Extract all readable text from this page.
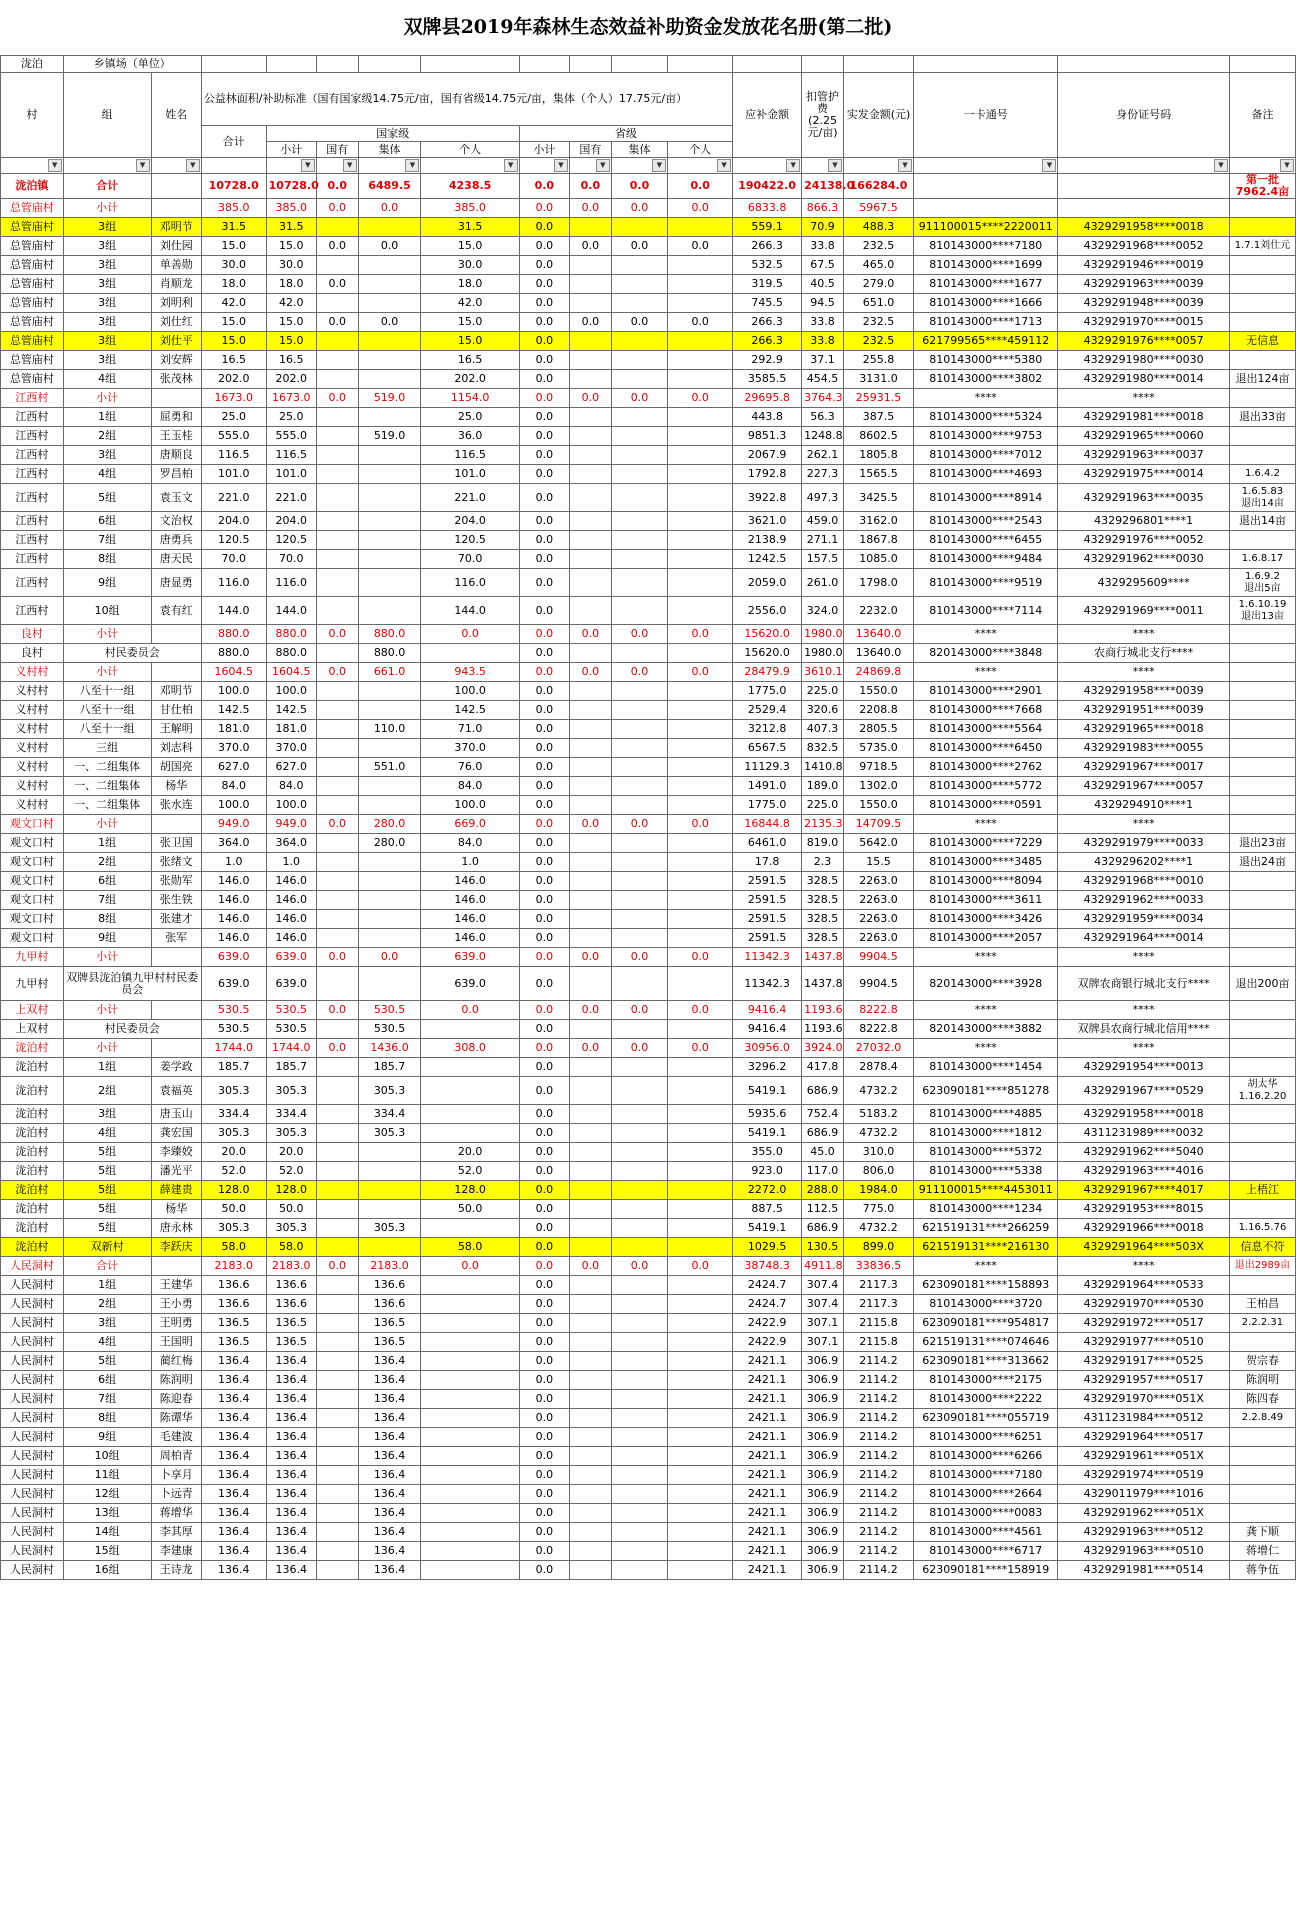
双牌县2019年森林生态效益补助资金发放花名册(第二批)
泷泊	乡镇场（单位）																
村	组	姓名	公益林面积/补助标准（国有国家级14.75元/亩，国有省级14.75元/亩，集体（个人）17.75元/亩）									应补金额	扣管护费(2.25元/亩)	实发金额(元)	一卡通号	身份证号码	备注
			合计	国家级				省级									
				小计	国有	集体	个人	小计	国有	集体	个人						

▼	▼	▼		▼	▼	▼	▼	▼	▼	▼	▼	▼	▼	▼	▼	▼	▼

泷泊镇	合计		10728.0	10728.0	0.0	6489.5	4238.5	0.0	0.0	0.0	0.0	190422.0	24138.0	166284.0			第一批7962.4亩
总管庙村	小计		385.0	385.0	0.0	0.0	385.0	0.0	0.0	0.0	0.0	6833.8	866.3	5967.5			
总管庙村	3组	邓明节	31.5	31.5			31.5	0.0				559.1	70.9	488.3	911100015****2220011	4329291958****0018	
总管庙村	3组	刘仕园	15.0	15.0	0.0	0.0	15.0	0.0	0.0	0.0	0.0	266.3	33.8	232.5	810143000****7180	4329291968****0052	1.7.1刘仕元
总管庙村	3组	单善勋	30.0	30.0			30.0	0.0				532.5	67.5	465.0	810143000****1699	4329291946****0019	
总管庙村	3组	肖顺龙	18.0	18.0	0.0		18.0	0.0				319.5	40.5	279.0	810143000****1677	4329291963****0039	
总管庙村	3组	刘明利	42.0	42.0			42.0	0.0				745.5	94.5	651.0	810143000****1666	4329291948****0039	
总管庙村	3组	刘仕红	15.0	15.0	0.0	0.0	15.0	0.0	0.0	0.0	0.0	266.3	33.8	232.5	810143000****1713	4329291970****0015	
总管庙村	3组	刘仕平	15.0	15.0			15.0	0.0				266.3	33.8	232.5	621799565****459112	4329291976****0057	无信息
总管庙村	3组	刘安辉	16.5	16.5			16.5	0.0				292.9	37.1	255.8	810143000****5380	4329291980****0030	
总管庙村	4组	张茂林	202.0	202.0			202.0	0.0				3585.5	454.5	3131.0	810143000****3802	4329291980****0014	退出124亩
江西村	小计		1673.0	1673.0	0.0	519.0	1154.0	0.0	0.0	0.0	0.0	29695.8	3764.3	25931.5	****	****	
江西村	1组	屈勇和	25.0	25.0			25.0	0.0				443.8	56.3	387.5	810143000****5324	4329291981****0018	退出33亩
江西村	2组	王玉桂	555.0	555.0		519.0	36.0	0.0				9851.3	1248.8	8602.5	810143000****9753	4329291965****0060	
江西村	3组	唐顺良	116.5	116.5			116.5	0.0				2067.9	262.1	1805.8	810143000****7012	4329291963****0037	
江西村	4组	罗昌柏	101.0	101.0			101.0	0.0				1792.8	227.3	1565.5	810143000****4693	4329291975****0014	1.6.4.2
江西村	5组	袁玉文	221.0	221.0			221.0	0.0				3922.8	497.3	3425.5	810143000****8914	4329291963****0035	1.6.5.83
退出14亩
江西村	6组	文治权	204.0	204.0			204.0	0.0				3621.0	459.0	3162.0	810143000****2543	4329296801****1	退出14亩
江西村	7组	唐勇兵	120.5	120.5			120.5	0.0				2138.9	271.1	1867.8	810143000****6455	4329291976****0052	
江西村	8组	唐天民	70.0	70.0			70.0	0.0				1242.5	157.5	1085.0	810143000****9484	4329291962****0030	1.6.8.17
江西村	9组	唐显勇	116.0	116.0			116.0	0.0				2059.0	261.0	1798.0	810143000****9519	4329295609****	1.6.9.2
退出5亩
江西村	10组	袁有红	144.0	144.0			144.0	0.0				2556.0	324.0	2232.0	810143000****7114	4329291969****0011	1.6.10.19
退出13亩
良村	小计		880.0	880.0	0.0	880.0	0.0	0.0	0.0	0.0	0.0	15620.0	1980.0	13640.0	****	****	
良村	村民委员会		880.0	880.0		880.0		0.0				15620.0	1980.0	13640.0	820143000****3848	农商行城北支行****	
义村村	小计		1604.5	1604.5	0.0	661.0	943.5	0.0	0.0	0.0	0.0	28479.9	3610.1	24869.8	****	****	
义村村	八至十一组	邓明节	100.0	100.0			100.0	0.0				1775.0	225.0	1550.0	810143000****2901	4329291958****0039	
义村村	八至十一组	甘仕柏	142.5	142.5			142.5	0.0				2529.4	320.6	2208.8	810143000****7668	4329291951****0039	
义村村	八至十一组	王解明	181.0	181.0		110.0	71.0	0.0				3212.8	407.3	2805.5	810143000****5564	4329291965****0018	
义村村	三组	刘志科	370.0	370.0			370.0	0.0				6567.5	832.5	5735.0	810143000****6450	4329291983****0055	
义村村	一、二组集体	胡国亮	627.0	627.0		551.0	76.0	0.0				11129.3	1410.8	9718.5	810143000****2762	4329291967****0017	
义村村	一、二组集体	杨华	84.0	84.0			84.0	0.0				1491.0	189.0	1302.0	810143000****5772	4329291967****0057	
义村村	一、二组集体	张水连	100.0	100.0			100.0	0.0				1775.0	225.0	1550.0	810143000****0591	4329294910****1	
观文口村	小计		949.0	949.0	0.0	280.0	669.0	0.0	0.0	0.0	0.0	16844.8	2135.3	14709.5	****	****	
观文口村	1组	张卫国	364.0	364.0		280.0	84.0	0.0				6461.0	819.0	5642.0	810143000****7229	4329291979****0033	退出23亩
观文口村	2组	张绪文	1.0	1.0			1.0	0.0				17.8	2.3	15.5	810143000****3485	4329296202****1	退出24亩
观文口村	6组	张勋军	146.0	146.0			146.0	0.0				2591.5	328.5	2263.0	810143000****8094	4329291968****0010	
观文口村	7组	张生铁	146.0	146.0			146.0	0.0				2591.5	328.5	2263.0	810143000****3611	4329291962****0033	
观文口村	8组	张建才	146.0	146.0			146.0	0.0				2591.5	328.5	2263.0	810143000****3426	4329291959****0034	
观文口村	9组	张军	146.0	146.0			146.0	0.0				2591.5	328.5	2263.0	810143000****2057	4329291964****0014	
九甲村	小计		639.0	639.0	0.0	0.0	639.0	0.0	0.0	0.0	0.0	11342.3	1437.8	9904.5	****	****	
九甲村	双牌县泷泊镇九甲村村民委员会		639.0	639.0			639.0	0.0				11342.3	1437.8	9904.5	820143000****3928	双牌农商银行城北支行****	退出200亩
上双村	小计		530.5	530.5	0.0	530.5	0.0	0.0	0.0	0.0	0.0	9416.4	1193.6	8222.8	****	****	
上双村	村民委员会		530.5	530.5		530.5		0.0				9416.4	1193.6	8222.8	820143000****3882	双牌县农商行城北信用****	
泷泊村	小计		1744.0	1744.0	0.0	1436.0	308.0	0.0	0.0	0.0	0.0	30956.0	3924.0	27032.0	****	****	
泷泊村	1组	姜学政	185.7	185.7		185.7		0.0				3296.2	417.8	2878.4	810143000****1454	4329291954****0013	
泷泊村	2组	袁福英	305.3	305.3		305.3		0.0				5419.1	686.9	4732.2	623090181****851278	4329291967****0529	胡太华
1.16.2.20
泷泊村	3组	唐玉山	334.4	334.4		334.4		0.0				5935.6	752.4	5183.2	810143000****4885	4329291958****0018	
泷泊村	4组	龚宏国	305.3	305.3		305.3		0.0				5419.1	686.9	4732.2	810143000****1812	4311231989****0032	
泷泊村	5组	李臻姣	20.0	20.0			20.0	0.0				355.0	45.0	310.0	810143000****5372	4329291962****5040	
泷泊村	5组	潘光平	52.0	52.0			52.0	0.0				923.0	117.0	806.0	810143000****5338	4329291963****4016	
泷泊村	5组	薛建贵	128.0	128.0			128.0	0.0				2272.0	288.0	1984.0	911100015****4453011	4329291967****4017	上梧江
泷泊村	5组	杨华	50.0	50.0			50.0	0.0				887.5	112.5	775.0	810143000****1234	4329291953****8015	
泷泊村	5组	唐永林	305.3	305.3		305.3		0.0				5419.1	686.9	4732.2	621519131****266259	4329291966****0018	1.16.5.76
泷泊村	双新村	李跃庆	58.0	58.0			58.0	0.0				1029.5	130.5	899.0	621519131****216130	4329291964****503X	信息不符
人民洞村	合计		2183.0	2183.0	0.0	2183.0	0.0	0.0	0.0	0.0	0.0	38748.3	4911.8	33836.5	****	****	退出2989亩
人民洞村	1组	王建华	136.6	136.6		136.6		0.0				2424.7	307.4	2117.3	623090181****158893	4329291964****0533	
人民洞村	2组	王小勇	136.6	136.6		136.6		0.0				2424.7	307.4	2117.3	810143000****3720	4329291970****0530	王柏昌
人民洞村	3组	王明勇	136.5	136.5		136.5		0.0				2422.9	307.1	2115.8	623090181****954817	4329291972****0517	2.2.2.31
人民洞村	4组	王国明	136.5	136.5		136.5		0.0				2422.9	307.1	2115.8	621519131****074646	4329291977****0510	
人民洞村	5组	蔺红梅	136.4	136.4		136.4		0.0				2421.1	306.9	2114.2	623090181****313662	4329291917****0525	贺宗春
人民洞村	6组	陈润明	136.4	136.4		136.4		0.0				2421.1	306.9	2114.2	810143000****2175	4329291957****0517	陈润明
人民洞村	7组	陈迎春	136.4	136.4		136.4		0.0				2421.1	306.9	2114.2	810143000****2222	4329291970****051X	陈四春
人民洞村	8组	陈谭华	136.4	136.4		136.4		0.0				2421.1	306.9	2114.2	623090181****055719	4311231984****0512	2.2.8.49
人民洞村	9组	毛建波	136.4	136.4		136.4		0.0				2421.1	306.9	2114.2	810143000****6251	4329291964****0517	
人民洞村	10组	周柏青	136.4	136.4		136.4		0.0				2421.1	306.9	2114.2	810143000****6266	4329291961****051X	
人民洞村	11组	卜享月	136.4	136.4		136.4		0.0				2421.1	306.9	2114.2	810143000****7180	4329291974****0519	
人民洞村	12组	卜远青	136.4	136.4		136.4		0.0				2421.1	306.9	2114.2	810143000****2664	4329011979****1016	
人民洞村	13组	蒋增华	136.4	136.4		136.4		0.0				2421.1	306.9	2114.2	810143000****0083	4329291962****051X	
人民洞村	14组	李其厚	136.4	136.4		136.4		0.0				2421.1	306.9	2114.2	810143000****4561	4329291963****0512	龚下顺
人民洞村	15组	李建康	136.4	136.4		136.4		0.0				2421.1	306.9	2114.2	810143000****6717	4329291963****0510	蒋增仁
人民洞村	16组	王诗龙	136.4	136.4		136.4		0.0				2421.1	306.9	2114.2	623090181****158919	4329291981****0514	蒋争伍
